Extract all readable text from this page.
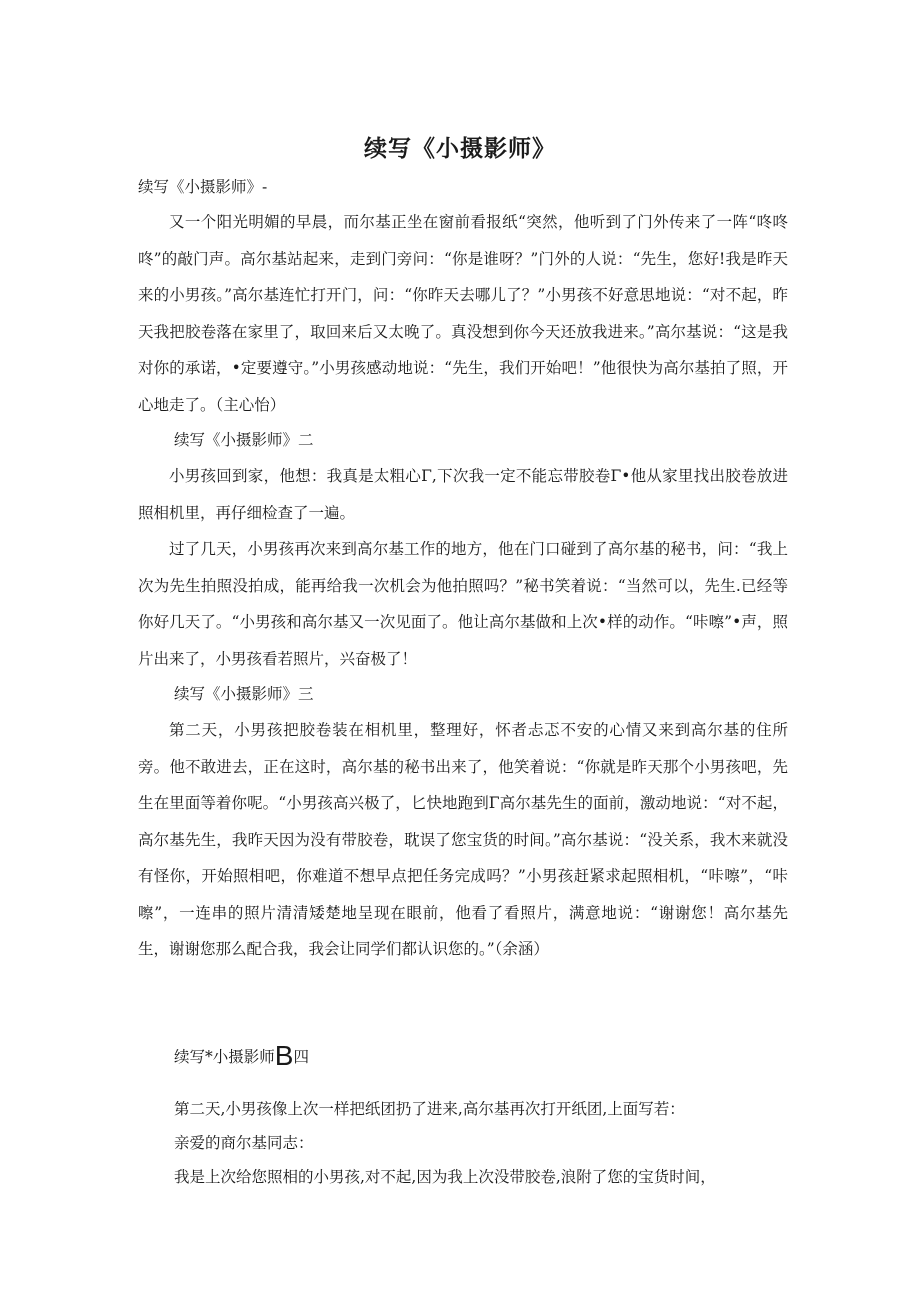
续写《小摄影师》
续写《小摄影师》-
又一个阳光明媚的早晨，而尔基正坐在窗前看报纸“突然，他听到了门外传来了一阵“咚咚咚”的敲门声。高尔基站起来，走到门旁问：“你是谁呀？”门外的人说：“先生，您好!我是昨天来的小男孩。”高尔基连忙打开门，问：“你昨天去哪儿了？”小男孩不好意思地说：“对不起，昨天我把胶卷落在家里了，取回来后又太晚了。真没想到你今天还放我进来。”高尔基说：“这是我对你的承诺，•定要遵守。”小男孩感动地说：“先生，我们开始吧！”他很快为高尔基拍了照，开心地走了。（主心怡）
续写《小摄影师》二
小男孩回到家，他想：我真是太粗心Γ,下次我一定不能忘带胶卷Γ•他从家里找出胶卷放进照相机里，再仔细检查了一遍。
过了几天，小男孩再次来到高尔基工作的地方，他在门口碰到了高尔基的秘书，问：“我上次为先生拍照没拍成，能再给我一次机会为他拍照吗？”秘书笑着说：“当然可以，先生.已经等你好几天了。“小男孩和高尔基又一次见面了。他让高尔基做和上次•样的动作。“咔嚓”•声，照片出来了，小男孩看若照片，兴奋极了！
续写《小摄影师》三
第二天，小男孩把胶卷装在相机里，整理好，怀者忐忑不安的心情又来到高尔基的住所旁。他不敢进去，正在这时，高尔基的秘书出来了，他笑着说：“你就是昨天那个小男孩吧，先生在里面等着你呢。“小男孩高兴极了，匕快地跑到Γ高尔基先生的面前，激动地说：“对不起，高尔基先生，我昨天因为没有带胶卷，耽误了您宝货的时间。”高尔基说：“没关系，我木来就没有怪你，开始照相吧，你难道不想早点把任务完成吗？”小男孩赶紧求起照相机，“咔嚓”，“咔嚓”，一连串的照片清清矮楚地呈现在眼前，他看了看照片，满意地说：“谢谢您！高尔基先生，谢谢您那么配合我，我会让同学们都认识您的。”（余涵）
续写*小摄影师B四
第二天,小男孩像上次一样把纸团扔了进来,高尔基再次打开纸团,上面写若：
亲爱的商尔基同志：
我是上次给您照相的小男孩,对不起,因为我上次没带胶卷,浪附了您的宝货时间，
